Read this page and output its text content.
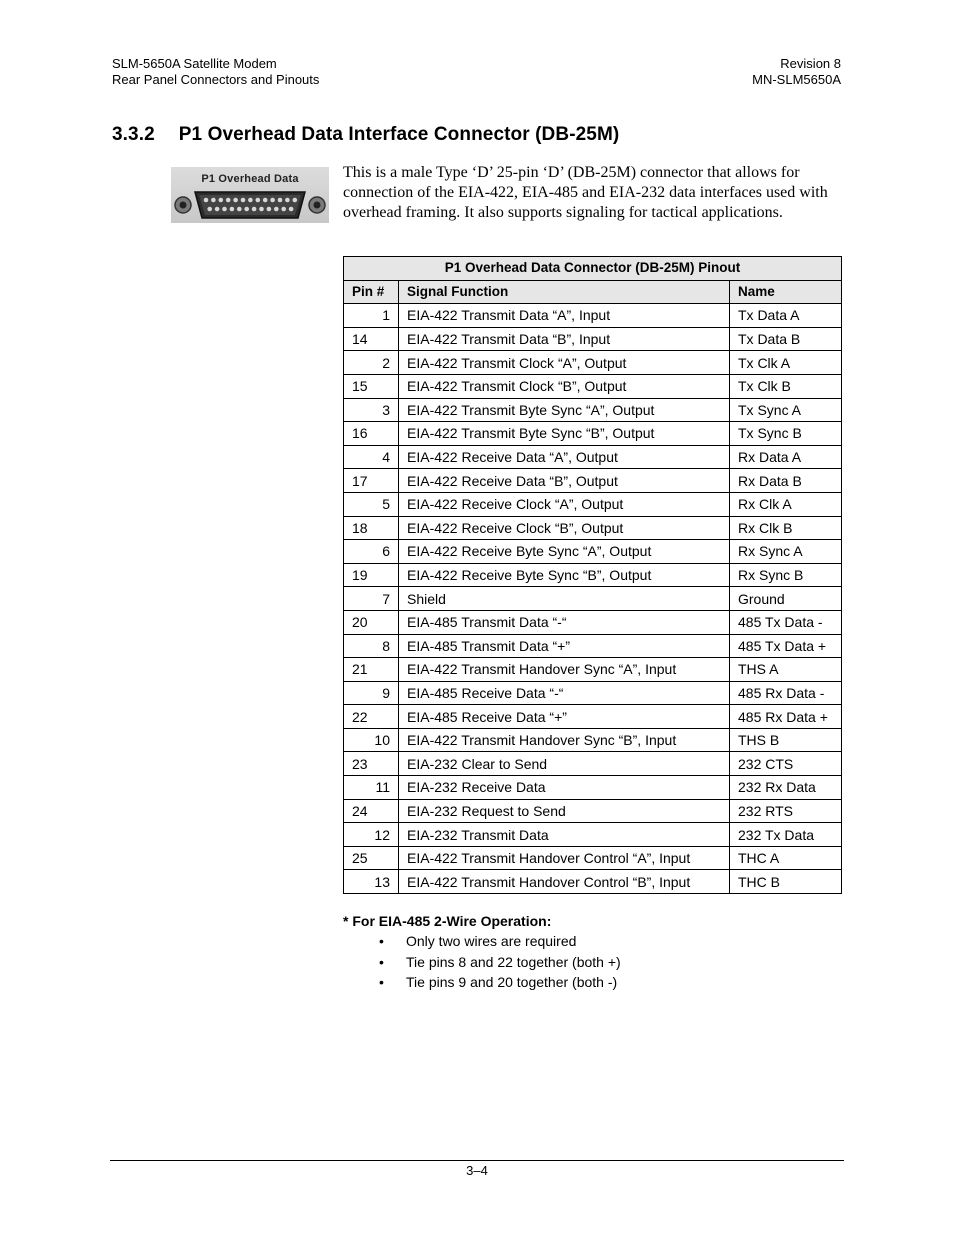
SLM-5650A Satellite Modem
Rear Panel Connectors and Pinouts
Revision 8
MN-SLM5650A
3.3.2 P1 Overhead Data Interface Connector (DB-25M)
P1 Overhead Data	This is a male Type ‘D’ 25-pin ‘D’ (DB-25M) connector that allows for connection of the EIA-422, EIA-485 and EIA-232 data interfaces used with overhead framing. It also supports signaling for tactical applications.
P1 Overhead Data Connector (DB-25M) Pinout		
Pin #	Signal Function	Name
1	EIA-422 Transmit Data “A”, Input	Tx Data A
14	EIA-422 Transmit Data “B”, Input	Tx Data B
2	EIA-422 Transmit Clock “A”, Output	Tx Clk A
15	EIA-422 Transmit Clock “B”, Output	Tx Clk B
3	EIA-422 Transmit Byte Sync “A”, Output	Tx Sync A
16	EIA-422 Transmit Byte Sync “B”, Output	Tx Sync B
4	EIA-422 Receive Data “A”, Output	Rx Data A
17	EIA-422 Receive Data “B”, Output	Rx Data B
5	EIA-422 Receive Clock “A”, Output	Rx Clk A
18	EIA-422 Receive Clock “B”, Output	Rx Clk B
6	EIA-422 Receive Byte Sync “A”, Output	Rx Sync A
19	EIA-422 Receive Byte Sync “B”, Output	Rx Sync B
7	Shield	Ground
20	EIA-485 Transmit Data “-“	485 Tx Data -
8	EIA-485 Transmit Data “+”	485 Tx Data +
21	EIA-422 Transmit Handover Sync “A”, Input	THS A
9	EIA-485 Receive Data “-“	485 Rx Data -
22	EIA-485 Receive Data “+”	485 Rx Data +
10	EIA-422 Transmit Handover Sync “B”, Input	THS B
23	EIA-232 Clear to Send	232 CTS
11	EIA-232 Receive Data	232 Rx Data
24	EIA-232 Request to Send	232 RTS
12	EIA-232 Transmit Data	232 Tx Data
25	EIA-422 Transmit Handover Control “A”, Input	THC A
13	EIA-422 Transmit Handover Control “B”, Input	THC B
* For EIA-485 2-Wire Operation:
• Only two wires are required
• Tie pins 8 and 22 together (both +)
• Tie pins 9 and 20 together (both -)
3–4
